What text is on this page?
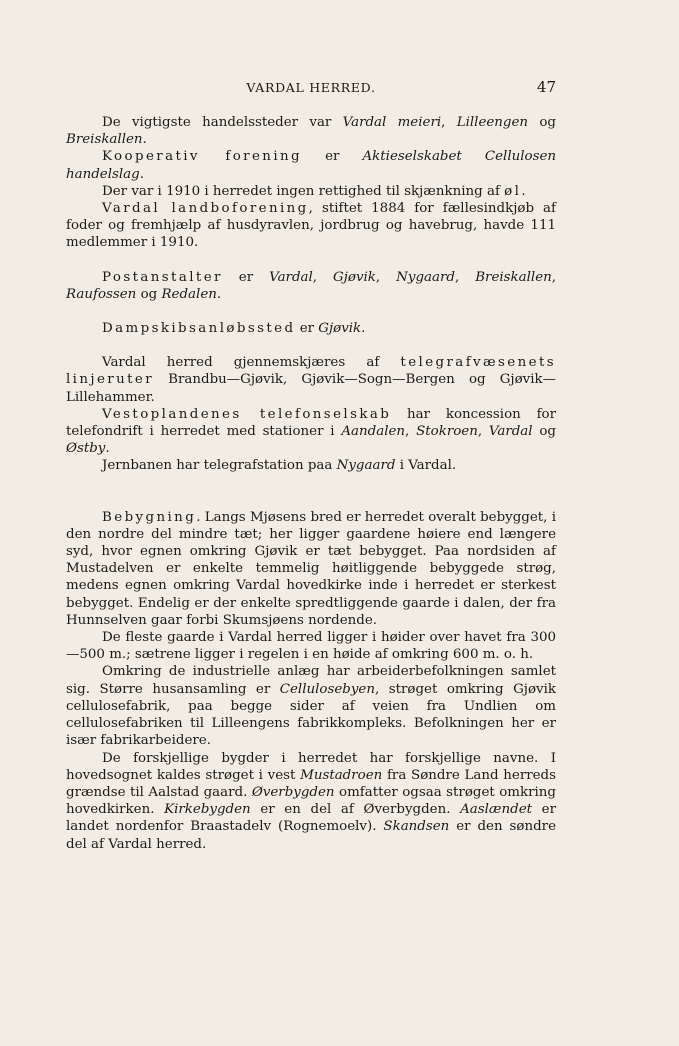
VARDAL HERRED.	47

De vigtigste handelssteder var Vardal meieri, Lilleengen og Breiskallen.

Kooperativ forening er Aktieselskabet Cellulosen handelslag.

Der var i 1910 i herredet ingen rettighed til skjænkning af øl.

Vardal landboforening, stiftet 1884 for fællesindkjøb af foder og fremhjælp af husdyravlen, jordbrug og havebrug, havde 111 medlemmer i 1910.

Postanstalter er Vardal, Gjøvik, Nygaard, Breiskallen, Raufossen og Redalen.

Dampskibsanløbssted er Gjøvik.

Vardal herred gjennemskjæres af telegrafvæsenets linjeruter Brandbu—Gjøvik, Gjøvik—Sogn—Bergen og Gjøvik—Lillehammer.

Vestoplandenes telefonselskab har koncession for telefondrift i herredet med stationer i Aandalen, Stokroen, Vardal og Østby.

Jernbanen har telegrafstation paa Nygaard i Vardal.

Bebygning. Langs Mjøsens bred er herredet overalt bebygget, i den nordre del mindre tæt; her ligger gaardene høiere end længere syd, hvor egnen omkring Gjøvik er tæt bebygget. Paa nordsiden af Mustadelven er enkelte temmelig høitliggende bebyggede strøg, medens egnen omkring Vardal hovedkirke inde i herredet er sterkest bebygget. Endelig er der enkelte spredtliggende gaarde i dalen, der fra Hunnselven gaar forbi Skumsjøens nordende.

De fleste gaarde i Vardal herred ligger i høider over havet fra 300—500 m.; sætrene ligger i regelen i en høide af omkring 600 m. o. h.

Omkring de industrielle anlæg har arbeiderbefolkningen samlet sig. Større husansamling er Cellulosebyen, strøget omkring Gjøvik cellulosefabrik, paa begge sider af veien fra Undlien om cellulosefabriken til Lilleengens fabrikkompleks. Befolkningen her er især fabrikarbeidere.

De forskjellige bygder i herredet har forskjellige navne. I hovedsognet kaldes strøget i vest Mustadroen fra Søndre Land herreds grændse til Aalstad gaard. Øverbygden omfatter ogsaa strøget omkring hovedkirken. Kirkebygden er en del af Øverbygden. Aaslændet er landet nordenfor Braastadelv (Rognemoelv). Skandsen er den søndre del af Vardal herred.
